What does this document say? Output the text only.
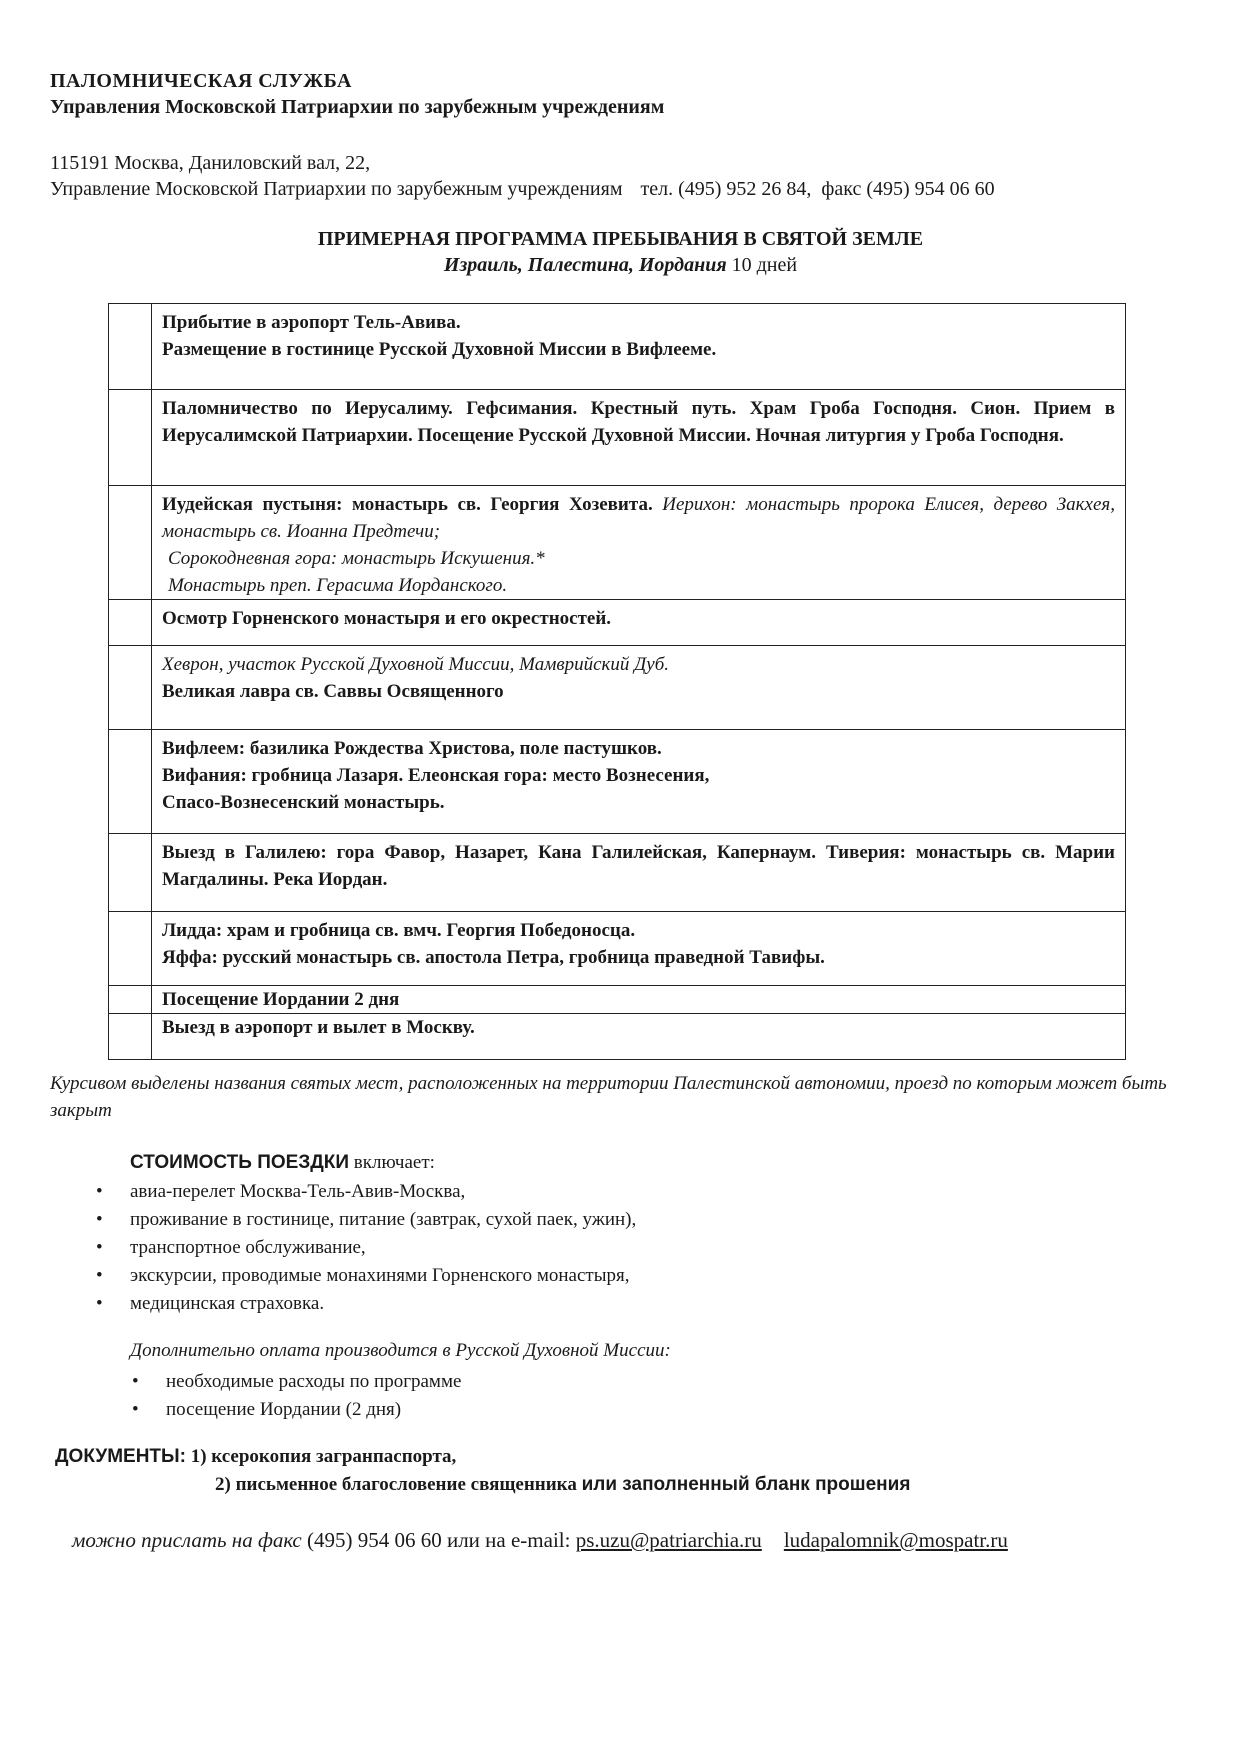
ПАЛОМНИЧЕСКАЯ СЛУЖБА
Управления Московской Патриархии по зарубежным учреждениям
115191 Москва, Даниловский вал, 22,
Управление Московской Патриархии по зарубежным учреждениям тел. (495) 952 26 84, факс (495) 954 06 60
ПРИМЕРНАЯ ПРОГРАММА ПРЕБЫВАНИЯ В СВЯТОЙ ЗЕМЛЕ
Израиль, Палестина, Иордания 10 дней

	Прибытие в аэропорт Тель-Авива.
Размещение в гостинице Русской Духовной Миссии в Вифлееме.

	Паломничество по Иерусалиму. Гефсимания. Крестный путь. Храм Гроба Господня. Сион. Прием в Иерусалимской Патриархии. Посещение Русской Духовной Миссии. Ночная литургия у Гроба Господня.

	Иудейская пустыня: монастырь св. Георгия Хозевита. Иерихон: монастырь пророка Елисея, дерево Закхея, монастырь св. Иоанна Предтечи;
Сорокодневная гора: монастырь Искушения.*
Монастырь преп. Герасима Иорданского.

	Осмотр Горненского монастыря и его окрестностей.

	Хеврон, участок Русской Духовной Миссии, Мамврийский Дуб.
Великая лавра св. Саввы Освященного

	Вифлеем: базилика Рождества Христова, поле пастушков.
Вифания: гробница Лазаря. Елеонская гора: место Вознесения,
Спасо-Вознесенский монастырь.

	Выезд в Галилею: гора Фавор, Назарет, Кана Галилейская, Капернаум. Тиверия: монастырь св. Марии Магдалины. Река Иордан.

	Лидда: храм и гробница св. вмч. Георгия Победоносца.
Яффа: русский монастырь св. апостола Петра, гробница праведной Тавифы.

	Посещение Иордании 2 дня

	Выезд в аэропорт и вылет в Москву.
Курсивом выделены названия святых мест, расположенных на территории Палестинской автономии, проезд по которым может быть закрыт
СТОИМОСТЬ ПОЕЗДКИ включает:
• авиа-перелет Москва-Тель-Авив-Москва,
• проживание в гостинице, питание (завтрак, сухой паек, ужин),
• транспортное обслуживание,
• экскурсии, проводимые монахинями Горненского монастыря,
• медицинская страховка.
Дополнительно оплата производится в Русской Духовной Миссии:
• необходимые расходы по программе
• посещение Иордании (2 дня)
ДОКУМЕНТЫ: 1) ксерокопия загранпаспорта,
2) письменное благословение священника или заполненный бланк прошения
можно прислать на факс (495) 954 06 60 или на e-mail: ps.uzu@patriarchia.ru ludapalomnik@mospatr.ru
